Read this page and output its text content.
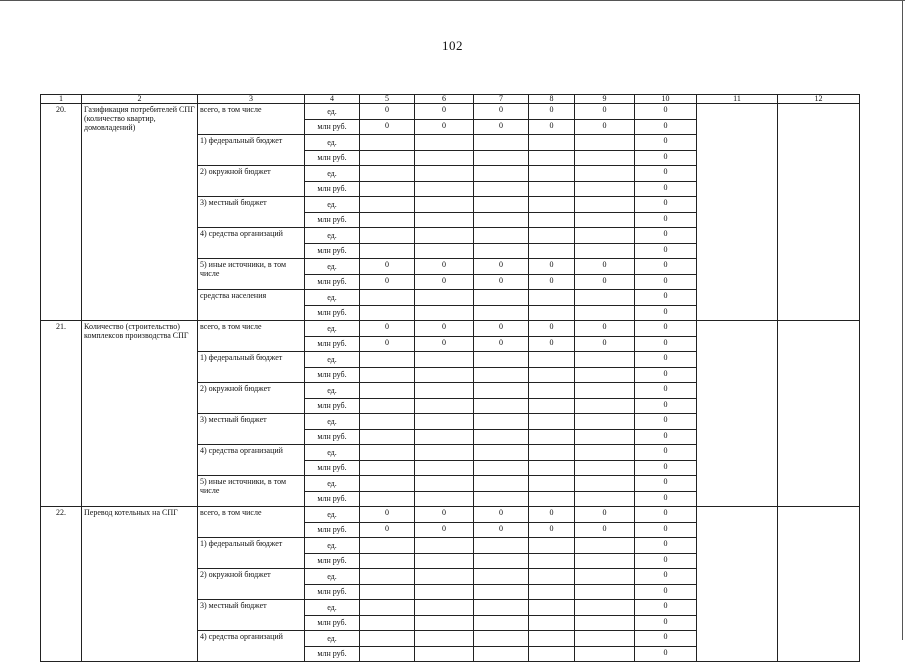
102
1	2	3	4	5	6	7	8	9	10	11	12
20.	Газификация потребителей СПГ (количество квартир, домовладений)	всего, в том числе	ед.	0	0	0	0	0	0		
			млн руб.	0	0	0	0	0	0		
		1) федеральный бюджет	ед.						0		
			млн руб.						0		
		2) окружной бюджет	ед.						0		
			млн руб.						0		
		3) местный бюджет	ед.						0		
			млн руб.						0		
		4) средства организаций	ед.						0		
			млн руб.						0		
		5) иные источники, в том числе	ед.	0	0	0	0	0	0		
			млн руб.	0	0	0	0	0	0		
		средства населения	ед.						0		
			млн руб.						0		
21.	Количество (строительство) комплексов производства СПГ	всего, в том числе	ед.	0	0	0	0	0	0		
			млн руб.	0	0	0	0	0	0		
		1) федеральный бюджет	ед.						0		
			млн руб.						0		
		2) окружной бюджет	ед.						0		
			млн руб.						0		
		3) местный бюджет	ед.						0		
			млн руб.						0		
		4) средства организаций	ед.						0		
			млн руб.						0		
		5) иные источники, в том числе	ед.						0		
			млн руб.						0		
22.	Перевод котельных на СПГ	всего, в том числе	ед.	0	0	0	0	0	0		
			млн руб.	0	0	0	0	0	0		
		1) федеральный бюджет	ед.						0		
			млн руб.						0		
		2) окружной бюджет	ед.						0		
			млн руб.						0		
		3) местный бюджет	ед.						0		
			млн руб.						0		
		4) средства организаций	ед.						0		
			млн руб.						0		
